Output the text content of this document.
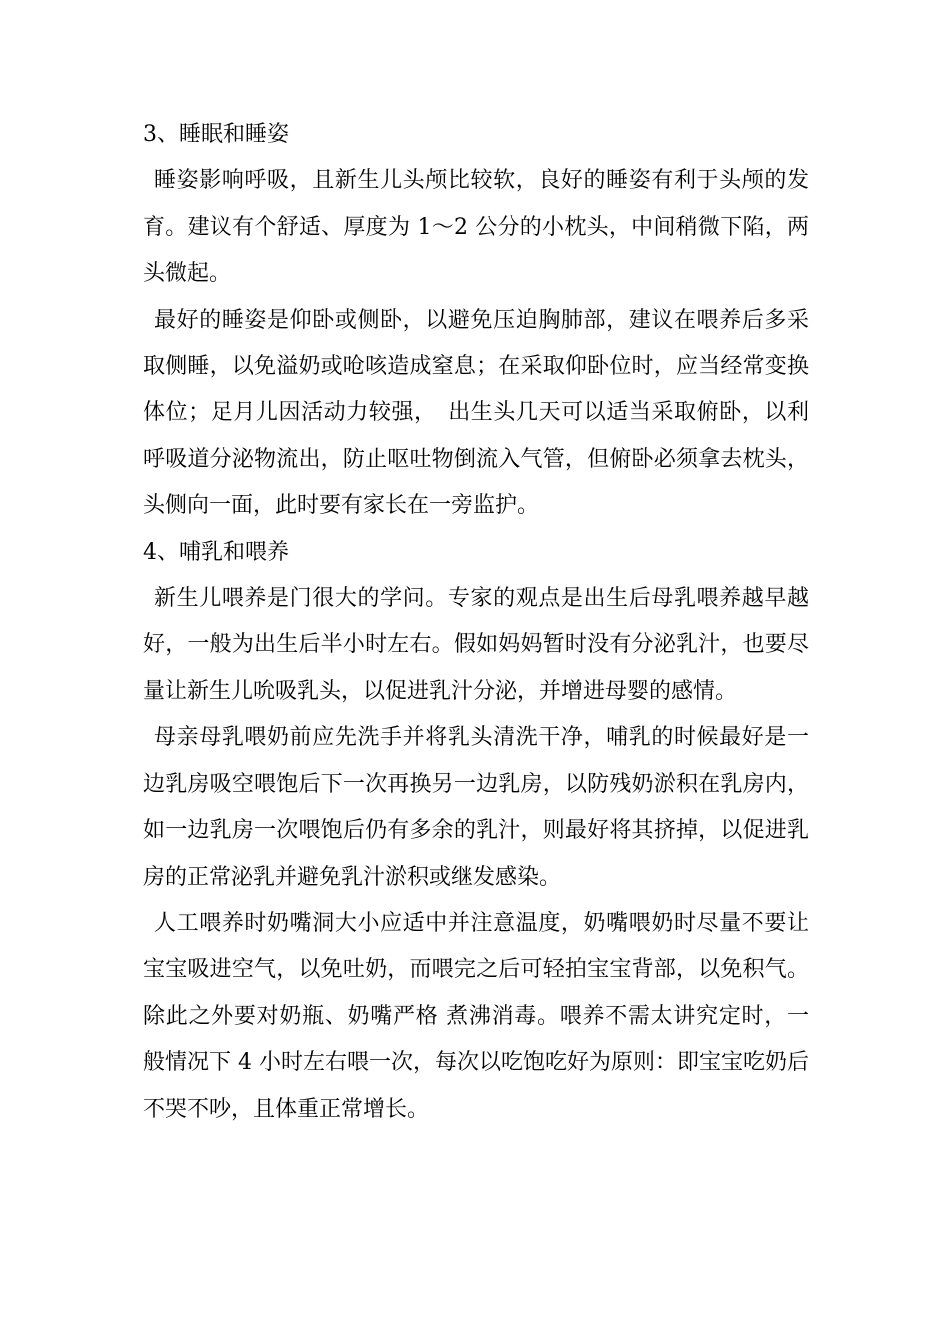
3、睡眠和睡姿

睡姿影响呼吸，且新生儿头颅比较软，良好的睡姿有利于头颅的发育。建议有个舒适、厚度为 1～2 公分的小枕头，中间稍微下陷，两头微起。

最好的睡姿是仰卧或侧卧，以避免压迫胸肺部，建议在喂养后多采取侧睡，以免溢奶或呛咳造成窒息；在采取仰卧位时，应当经常变换体位；足月儿因活动力较强，　出生头几天可以适当采取俯卧，以利呼吸道分泌物流出，防止呕吐物倒流入气管，但俯卧必须拿去枕头，头侧向一面，此时要有家长在一旁监护。

4、哺乳和喂养

新生儿喂养是门很大的学问。专家的观点是出生后母乳喂养越早越好，一般为出生后半小时左右。假如妈妈暂时没有分泌乳汁，也要尽量让新生儿吮吸乳头，以促进乳汁分泌，并增进母婴的感情。

母亲母乳喂奶前应先洗手并将乳头清洗干净，哺乳的时候最好是一边乳房吸空喂饱后下一次再换另一边乳房，以防残奶淤积在乳房内，如一边乳房一次喂饱后仍有多余的乳汁，则最好将其挤掉，以促进乳房的正常泌乳并避免乳汁淤积或继发感染。

人工喂养时奶嘴洞大小应适中并注意温度，奶嘴喂奶时尽量不要让宝宝吸进空气，以免吐奶，而喂完之后可轻拍宝宝背部，以免积气。除此之外要对奶瓶、奶嘴严格 煮沸消毒。喂养不需太讲究定时，一般情况下 4 小时左右喂一次，每次以吃饱吃好为原则：即宝宝吃奶后不哭不吵，且体重正常增长。
